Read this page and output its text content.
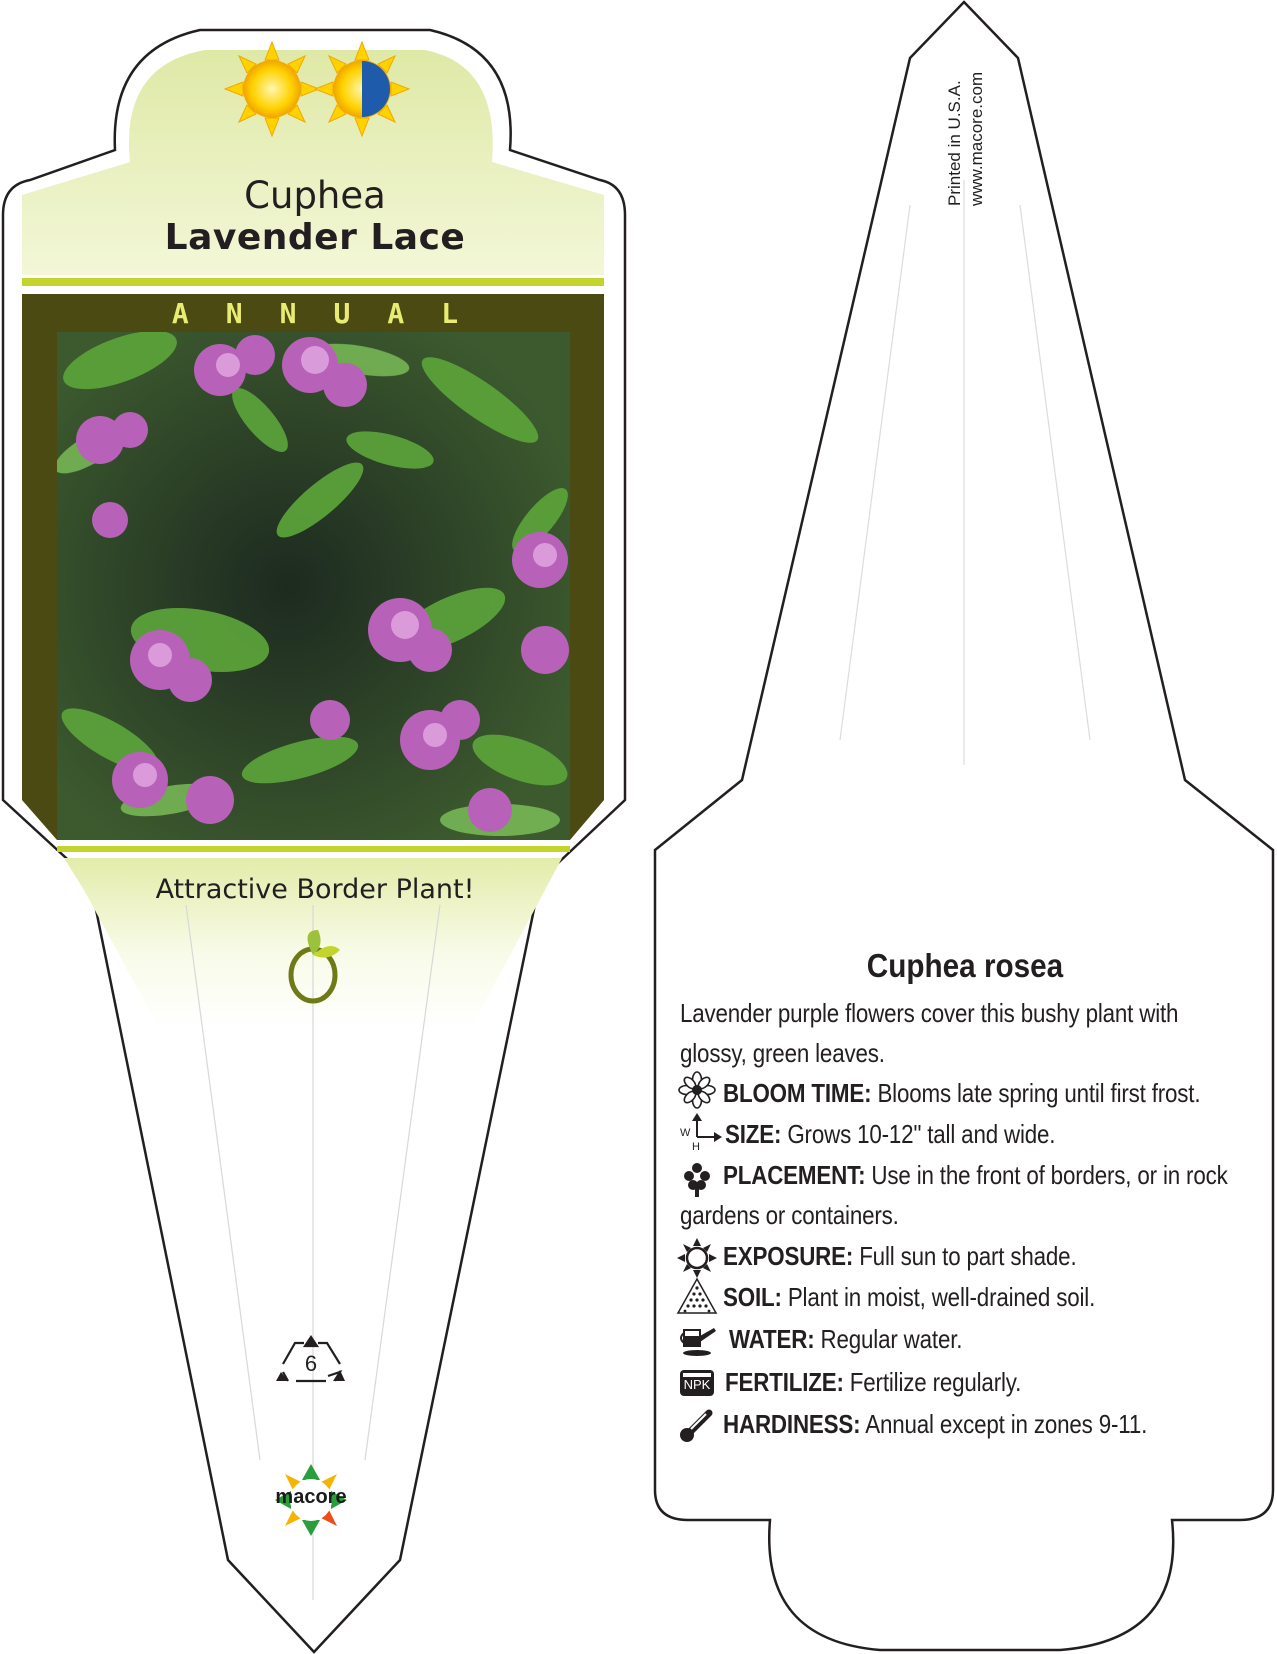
Cuphea
Lavender Lace
ANNUAL
Attractive Border Plant!
6
macore
Printed in U.S.A. www.macore.com
Cuphea rosea
Lavender purple flowers cover this bushy plant with
glossy, green leaves.
BLOOM TIME: Blooms late spring until first frost.
W
H SIZE: Grows 10-12" tall and wide.
PLACEMENT: Use in the front of borders, or in rock
gardens or containers.
EXPOSURE: Full sun to part shade.
SOIL: Plant in moist, well-drained soil.
WATER: Regular water.
NPK FERTILIZE: Fertilize regularly.
HARDINESS: Annual except in zones 9-11.
